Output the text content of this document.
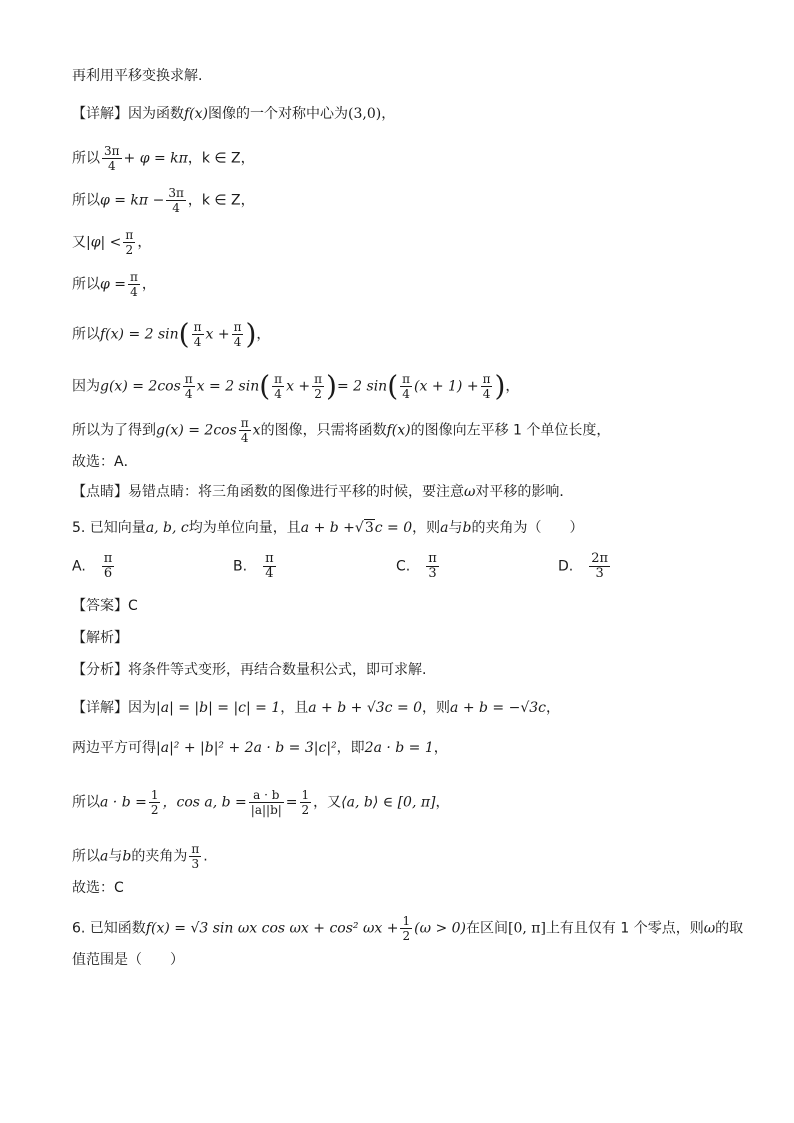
再利用平移变换求解.
【详解】因为函数f(x)图像的一个对称中心为(3,0)，
所以 $\frac{3\pi}{4} + \varphi = k\pi$，k ∈ Z，
所以$\varphi = k\pi - \frac{3\pi}{4}$ ，k ∈ Z，
又$|\varphi| < \frac{\pi}{2}$ ，
所以$\varphi = \frac{\pi}{4}$ ，
所以f(x) = 2 $\sin( \frac{\pi}{4}$ $x + \frac{\pi}{4}$ )，
因为$g(x) = 2\cos \frac{\pi}{4}$ x = 2 $\sin( \frac{\pi}{4}$ $x + \frac{\pi}{2}$ )= 2 $\sin( \frac{\pi}{4} (x + 1) + \frac{\pi}{4}$ )，
所以为了得到$g(x) = 2\cos \frac{\pi}{4}$ x的图像，只需将函数f(x)的图像向左平移 1 个单位长度，
故选：A．
【点睛】易错点睛：将三角函数的图像进行平移的时候，要注意ω对平移的影响．
5. 已知向量a, b, c均为单位向量，且a + b +√3c = 0，则a与b的夹角为（　　）
A. $\frac{\pi}{6}$	B. $\frac{\pi}{4}$	C. $\frac{\pi}{3}$	D. $\frac{2\pi}{3}$
【答案】C
【解析】
【分析】将条件等式变形，再结合数量积公式，即可求解.
【详解】因为|a| = |b| = |c| = 1，且a + b + √3c = 0，则a + b = −√3c，
两边平方可得|a|² + |b|² + 2a · b = 3|c|²，即2a · b = 1，
所以$a \cdot b = \frac{1}{2}$ ，cos a, $b = \frac{a \cdot b}{|a||b|} = \frac{1}{2}$ ，又⟨a, b⟩ ∈ [0, π]，
所以a与b的夹角为 $\frac{\pi}{3}$ .
故选：C
6. 已知函数f(x) = √3 sin ωx cos ωx + cos² $\omega x + \frac{1}{2} (\omega > 0)$在区间[0, π]上有且仅有 1 个零点，则ω的取
值范围是（　　）
